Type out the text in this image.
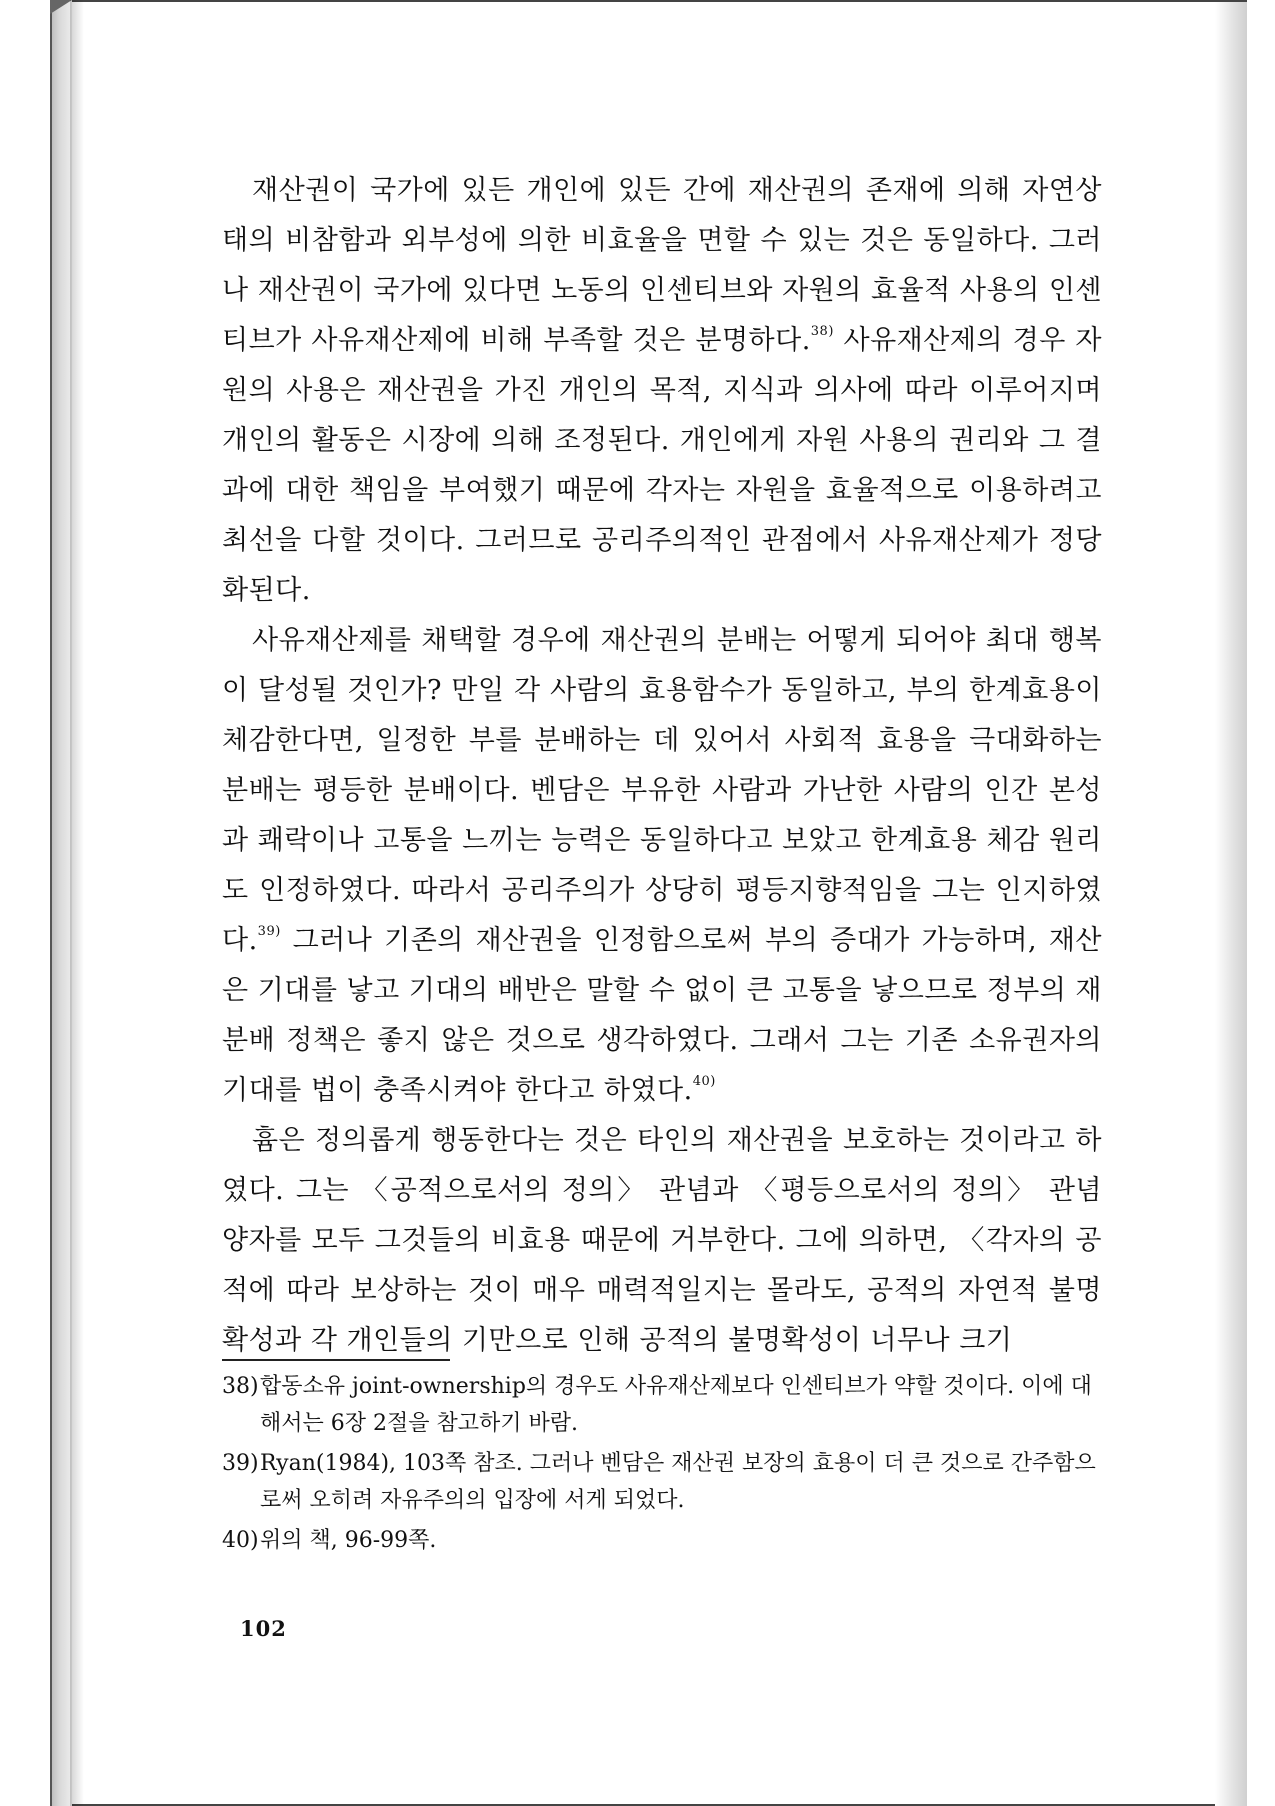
재산권이 국가에 있든 개인에 있든 간에 재산권의 존재에 의해 자연상태의 비참함과 외부성에 의한 비효율을 면할 수 있는 것은 동일하다. 그러나 재산권이 국가에 있다면 노동의 인센티브와 자원의 효율적 사용의 인센티브가 사유재산제에 비해 부족할 것은 분명하다.$^{38)}$ 사유재산제의 경우 자원의 사용은 재산권을 가진 개인의 목적, 지식과 의사에 따라 이루어지며 개인의 활동은 시장에 의해 조정된다. 개인에게 자원 사용의 권리와 그 결과에 대한 책임을 부여했기 때문에 각자는 자원을 효율적으로 이용하려고 최선을 다할 것이다. 그러므로 공리주의적인 관점에서 사유재산제가 정당화된다.

사유재산제를 채택할 경우에 재산권의 분배는 어떻게 되어야 최대 행복이 달성될 것인가? 만일 각 사람의 효용함수가 동일하고, 부의 한계효용이 체감한다면, 일정한 부를 분배하는 데 있어서 사회적 효용을 극대화하는 분배는 평등한 분배이다. 벤담은 부유한 사람과 가난한 사람의 인간 본성과 쾌락이나 고통을 느끼는 능력은 동일하다고 보았고 한계효용 체감 원리도 인정하였다. 따라서 공리주의가 상당히 평등지향적임을 그는 인지하였다.$^{39)}$ 그러나 기존의 재산권을 인정함으로써 부의 증대가 가능하며, 재산은 기대를 낳고 기대의 배반은 말할 수 없이 큰 고통을 낳으므로 정부의 재분배 정책은 좋지 않은 것으로 생각하였다. 그래서 그는 기존 소유권자의 기대를 법이 충족시켜야 한다고 하였다.$^{40)}$

흄은 정의롭게 행동한다는 것은 타인의 재산권을 보호하는 것이라고 하였다. 그는 〈공적으로서의 정의〉 관념과 〈평등으로서의 정의〉 관념 양자를 모두 그것들의 비효용 때문에 거부한다. 그에 의하면, 〈각자의 공적에 따라 보상하는 것이 매우 매력적일지는 몰라도, 공적의 자연적 불명확성과 각 개인들의 기만으로 인해 공적의 불명확성이 너무나 크기

38)합동소유 joint-ownership의 경우도 사유재산제보다 인센티브가 약할 것이다. 이에 대해서는 6장 2절을 참고하기 바람.
39)Ryan(1984), 103쪽 참조. 그러나 벤담은 재산권 보장의 효용이 더 큰 것으로 간주함으로써 오히려 자유주의의 입장에 서게 되었다.
40)위의 책, 96-99쪽.
102
